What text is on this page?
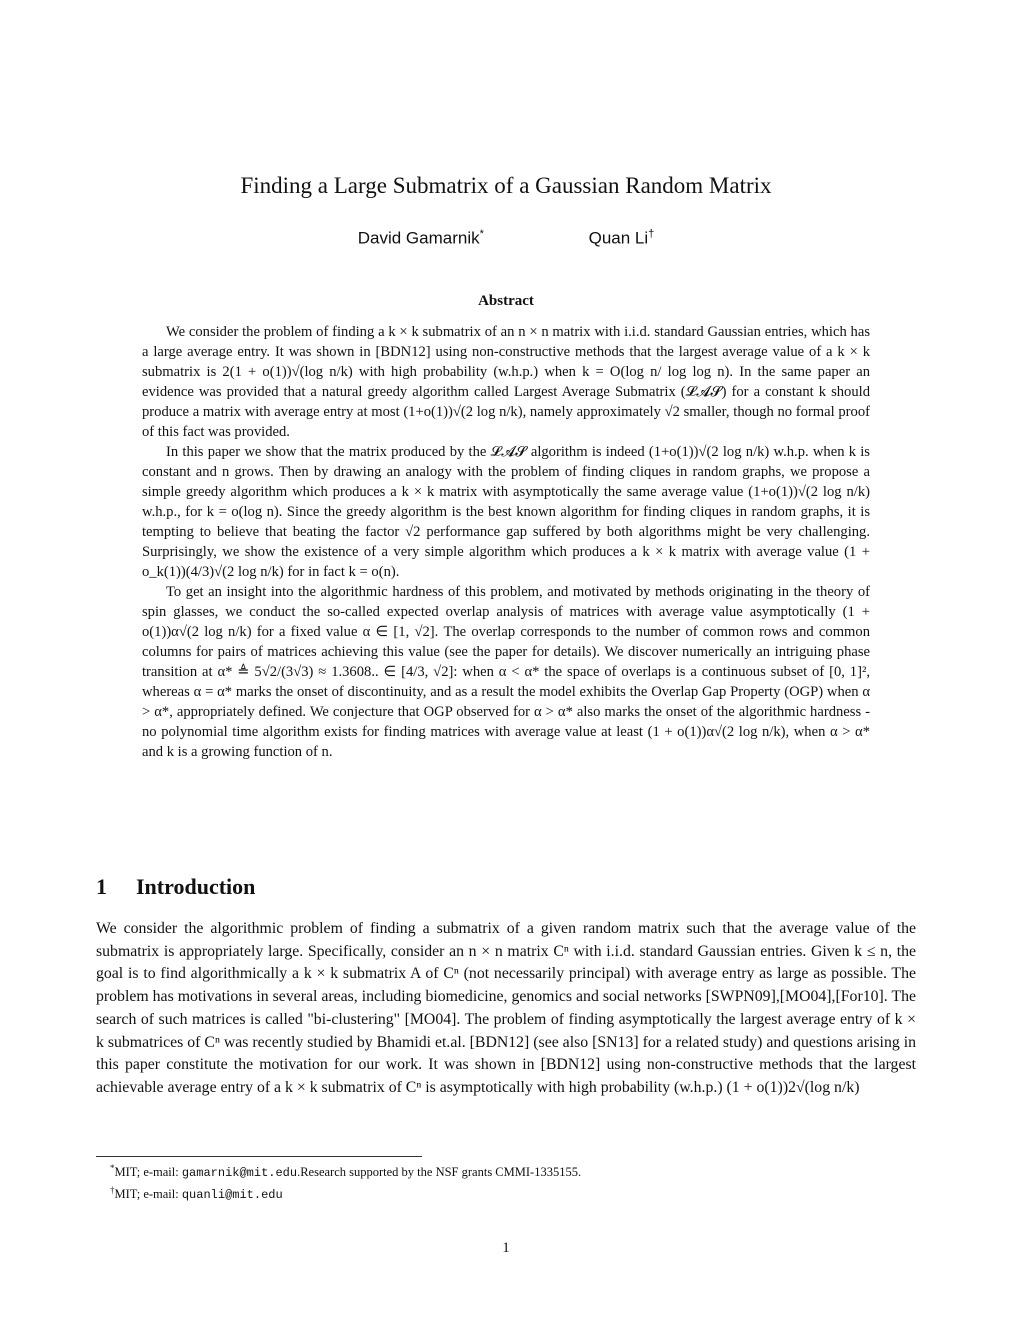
Finding a Large Submatrix of a Gaussian Random Matrix
David Gamarnik*	Quan Li†
Abstract

We consider the problem of finding a k × k submatrix of an n × n matrix with i.i.d. standard Gaussian entries, which has a large average entry. It was shown in [BDN12] using non-constructive methods that the largest average value of a k × k submatrix is 2(1 + o(1))√(log n/k) with high probability (w.h.p.) when k = O(log n/ log log n). In the same paper an evidence was provided that a natural greedy algorithm called Largest Average Submatrix (𝓛𝓐𝓢) for a constant k should produce a matrix with average entry at most (1+o(1))√(2 log n/k), namely approximately √2 smaller, though no formal proof of this fact was provided.

In this paper we show that the matrix produced by the 𝓛𝓐𝓢 algorithm is indeed (1+o(1))√(2 log n/k) w.h.p. when k is constant and n grows. Then by drawing an analogy with the problem of finding cliques in random graphs, we propose a simple greedy algorithm which produces a k × k matrix with asymptotically the same average value (1+o(1))√(2 log n/k) w.h.p., for k = o(log n). Since the greedy algorithm is the best known algorithm for finding cliques in random graphs, it is tempting to believe that beating the factor √2 performance gap suffered by both algorithms might be very challenging. Surprisingly, we show the existence of a very simple algorithm which produces a k × k matrix with average value (1 + o_k(1))(4/3)√(2 log n/k) for in fact k = o(n).

To get an insight into the algorithmic hardness of this problem, and motivated by methods originating in the theory of spin glasses, we conduct the so-called expected overlap analysis of matrices with average value asymptotically (1 + o(1))α√(2 log n/k) for a fixed value α ∈ [1, √2]. The overlap corresponds to the number of common rows and common columns for pairs of matrices achieving this value (see the paper for details). We discover numerically an intriguing phase transition at α* ≜ 5√2/(3√3) ≈ 1.3608.. ∈ [4/3, √2]: when α < α* the space of overlaps is a continuous subset of [0, 1]², whereas α = α* marks the onset of discontinuity, and as a result the model exhibits the Overlap Gap Property (OGP) when α > α*, appropriately defined. We conjecture that OGP observed for α > α* also marks the onset of the algorithmic hardness - no polynomial time algorithm exists for finding matrices with average value at least (1 + o(1))α√(2 log n/k), when α > α* and k is a growing function of n.

1 Introduction

We consider the algorithmic problem of finding a submatrix of a given random matrix such that the average value of the submatrix is appropriately large. Specifically, consider an n × n matrix Cⁿ with i.i.d. standard Gaussian entries. Given k ≤ n, the goal is to find algorithmically a k × k submatrix A of Cⁿ (not necessarily principal) with average entry as large as possible. The problem has motivations in several areas, including biomedicine, genomics and social networks [SWPN09],[MO04],[For10]. The search of such matrices is called "bi-clustering" [MO04]. The problem of finding asymptotically the largest average entry of k × k submatrices of Cⁿ was recently studied by Bhamidi et.al. [BDN12] (see also [SN13] for a related study) and questions arising in this paper constitute the motivation for our work. It was shown in [BDN12] using non-constructive methods that the largest achievable average entry of a k × k submatrix of Cⁿ is asymptotically with high probability (w.h.p.) (1 + o(1))2√(log n/k)

*MIT; e-mail: gamarnik@mit.edu.Research supported by the NSF grants CMMI-1335155.
†MIT; e-mail: quanli@mit.edu
1
